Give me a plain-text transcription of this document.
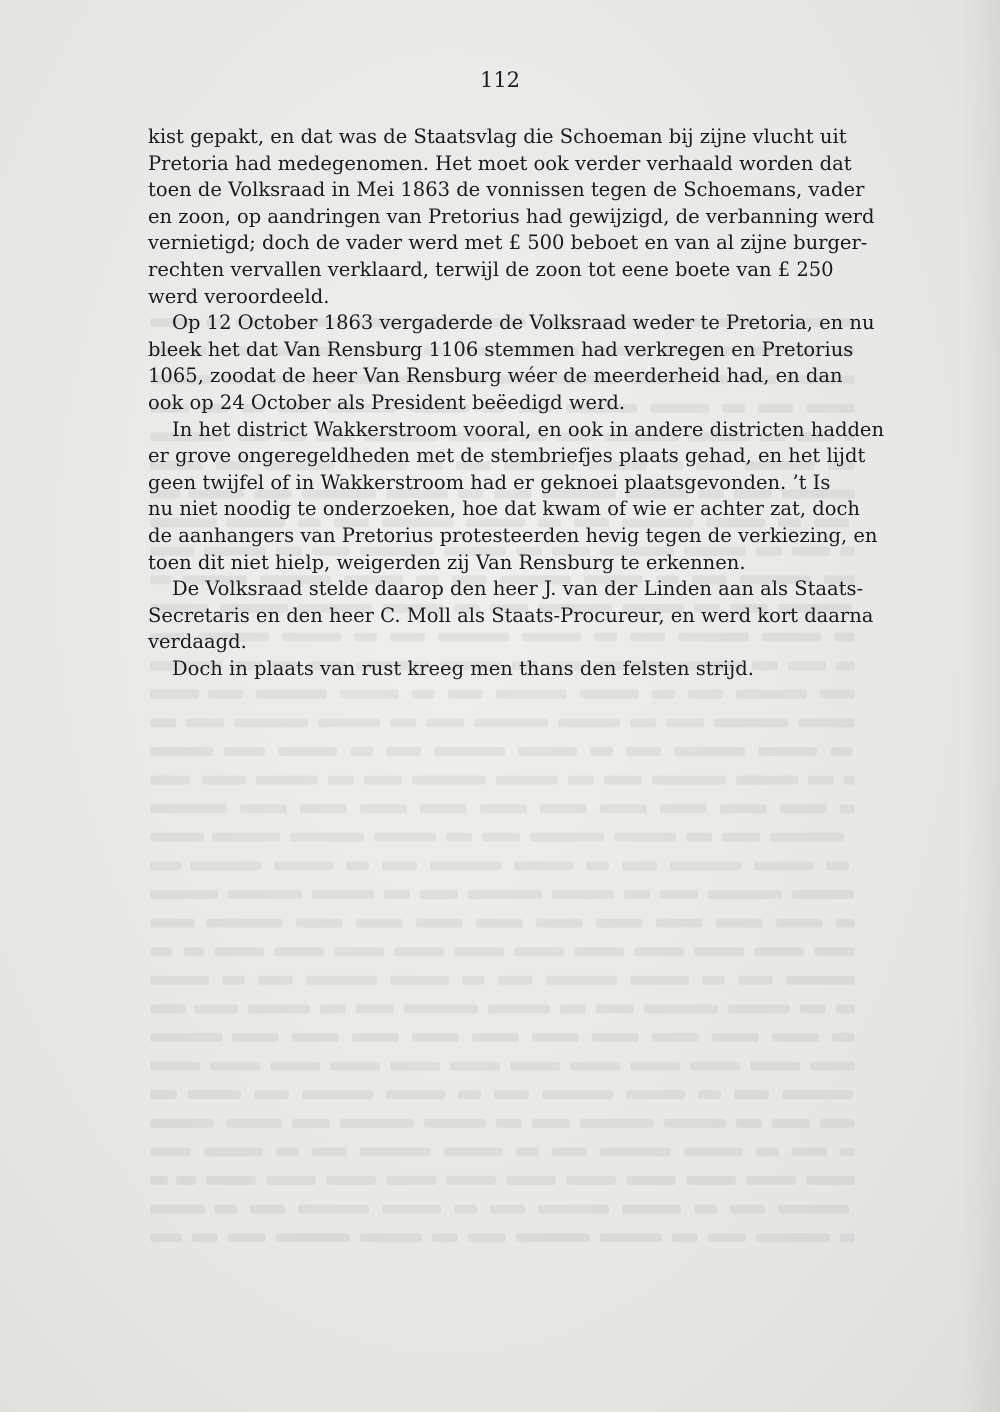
112
kist gepakt, en dat was de Staatsvlag die Schoeman bij zijne vlucht uit
Pretoria had medegenomen. Het moet ook verder verhaald worden dat
toen de Volksraad in Mei 1863 de vonnissen tegen de Schoemans, vader
en zoon, op aandringen van Pretorius had gewijzigd, de verbanning werd
vernietigd; doch de vader werd met £ 500 beboet en van al zijne burger-
rechten vervallen verklaard, terwijl de zoon tot eene boete van £ 250
werd veroordeeld.
Op 12 October 1863 vergaderde de Volksraad weder te Pretoria, en nu
bleek het dat Van Rensburg 1106 stemmen had verkregen en Pretorius
1065, zoodat de heer Van Rensburg wéer de meerderheid had, en dan
ook op 24 October als President beëedigd werd.
In het district Wakkerstroom vooral, en ook in andere districten hadden
er grove ongeregeldheden met de stembriefjes plaats gehad, en het lijdt
geen twijfel of in Wakkerstroom had er geknoei plaatsgevonden. ’t Is
nu niet noodig te onderzoeken, hoe dat kwam of wie er achter zat, doch
de aanhangers van Pretorius protesteerden hevig tegen de verkiezing, en
toen dit niet hielp, weigerden zij Van Rensburg te erkennen.
De Volksraad stelde daarop den heer J. van der Linden aan als Staats-
Secretaris en den heer C. Moll als Staats-Procureur, en werd kort daarna
verdaagd.
Doch in plaats van rust kreeg men thans den felsten strijd.
